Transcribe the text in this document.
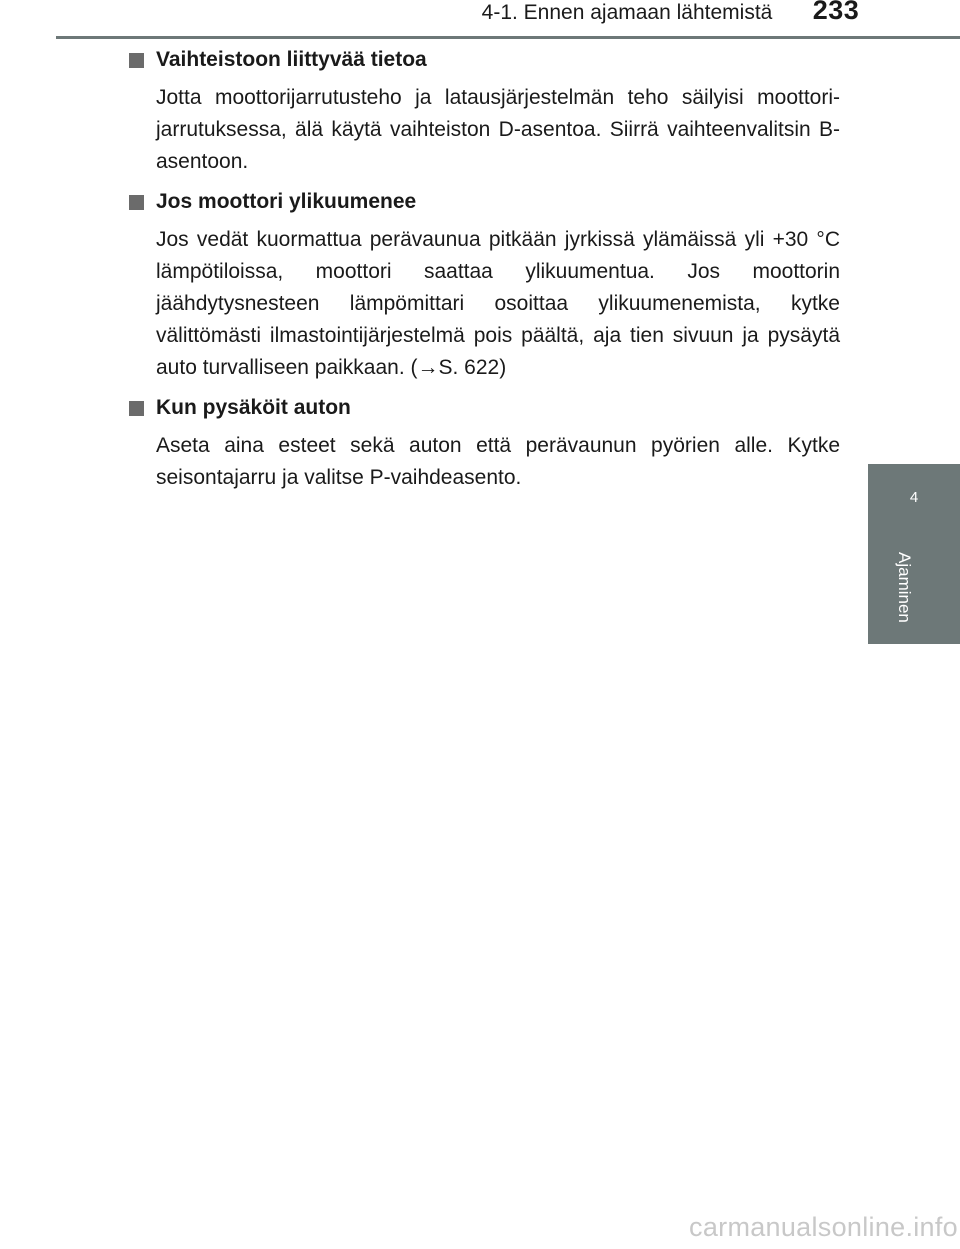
4-1. Ennen ajamaan lähtemistä	233
4
Ajaminen
Vaihteistoon liittyvää tietoa

Jotta moottorijarrutusteho ja latausjärjestelmän teho säilyisi moottori-jarrutuksessa, älä käytä vaihteiston D-asentoa. Siirrä vaihteenvalitsin B-asentoon.

Jos moottori ylikuumenee

Jos vedät kuormattua perävaunua pitkään jyrkissä ylämäissä yli +30 °C lämpötiloissa, moottori saattaa ylikuumentua. Jos moottorin jäähdytysnesteen lämpömittari osoittaa ylikuumenemista, kytke välittömästi ilmastointijärjestelmä pois päältä, aja tien sivuun ja pysäytä auto turvalliseen paikkaan. (→S. 622)

Kun pysäköit auton

Aseta aina esteet sekä auton että perävaunun pyörien alle. Kytke seisontajarru ja valitse P-vaihdeasento.

carmanualsonline.info
